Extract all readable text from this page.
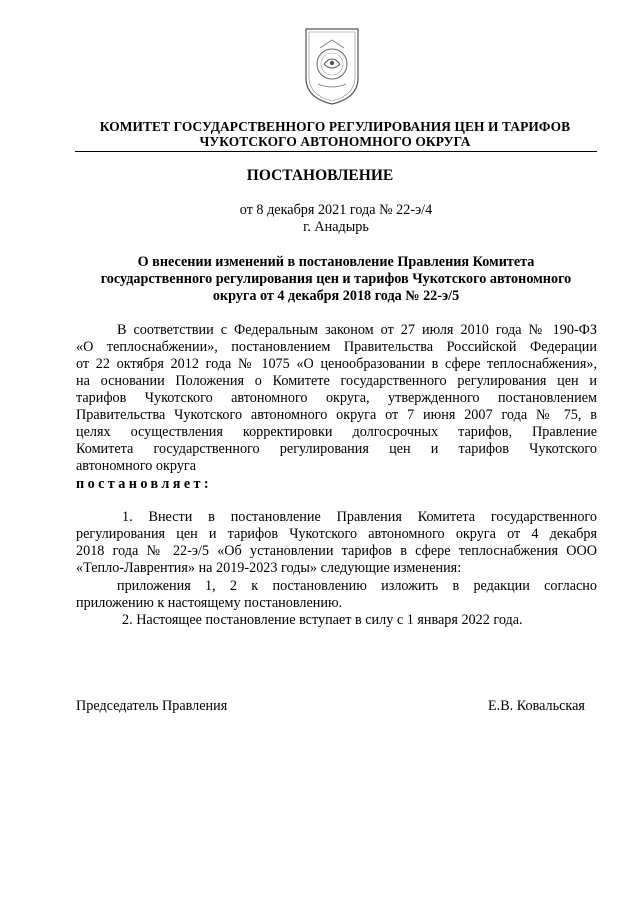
КОМИТЕТ ГОСУДАРСТВЕННОГО РЕГУЛИРОВАНИЯ ЦЕН И ТАРИФОВ
ЧУКОТСКОГО АВТОНОМНОГО ОКРУГА
ПОСТАНОВЛЕНИЕ
от 8 декабря 2021 года № 22-э/4
г. Анадырь
О внесении изменений в постановление Правления Комитета
государственного регулирования цен и тарифов Чукотского автономного
округа от 4 декабря 2018 года № 22-э/5
В соответствии с Федеральным законом от 27 июля 2010 года № 190-ФЗ
«О теплоснабжении», постановлением Правительства Российской Федерации
от 22 октября 2012 года № 1075 «О ценообразовании в сфере теплоснабжения»,
на основании Положения о Комитете государственного регулирования цен и
тарифов Чукотского автономного округа, утвержденного постановлением
Правительства Чукотского автономного округа от 7 июня 2007 года № 75, в
целях осуществления корректировки долгосрочных тарифов, Правление
Комитета государственного регулирования цен и тарифов Чукотского
автономного округа
постановляет:
1. Внести в постановление Правления Комитета государственного
регулирования цен и тарифов Чукотского автономного округа от 4 декабря
2018 года № 22-э/5 «Об установлении тарифов в сфере теплоснабжения ООО
«Тепло-Лаврентия» на 2019-2023 годы» следующие изменения:
приложения 1, 2 к постановлению изложить в редакции согласно
приложению к настоящему постановлению.
2. Настоящее постановление вступает в силу с 1 января 2022 года.
Председатель Правления	Е.В. Ковальская
